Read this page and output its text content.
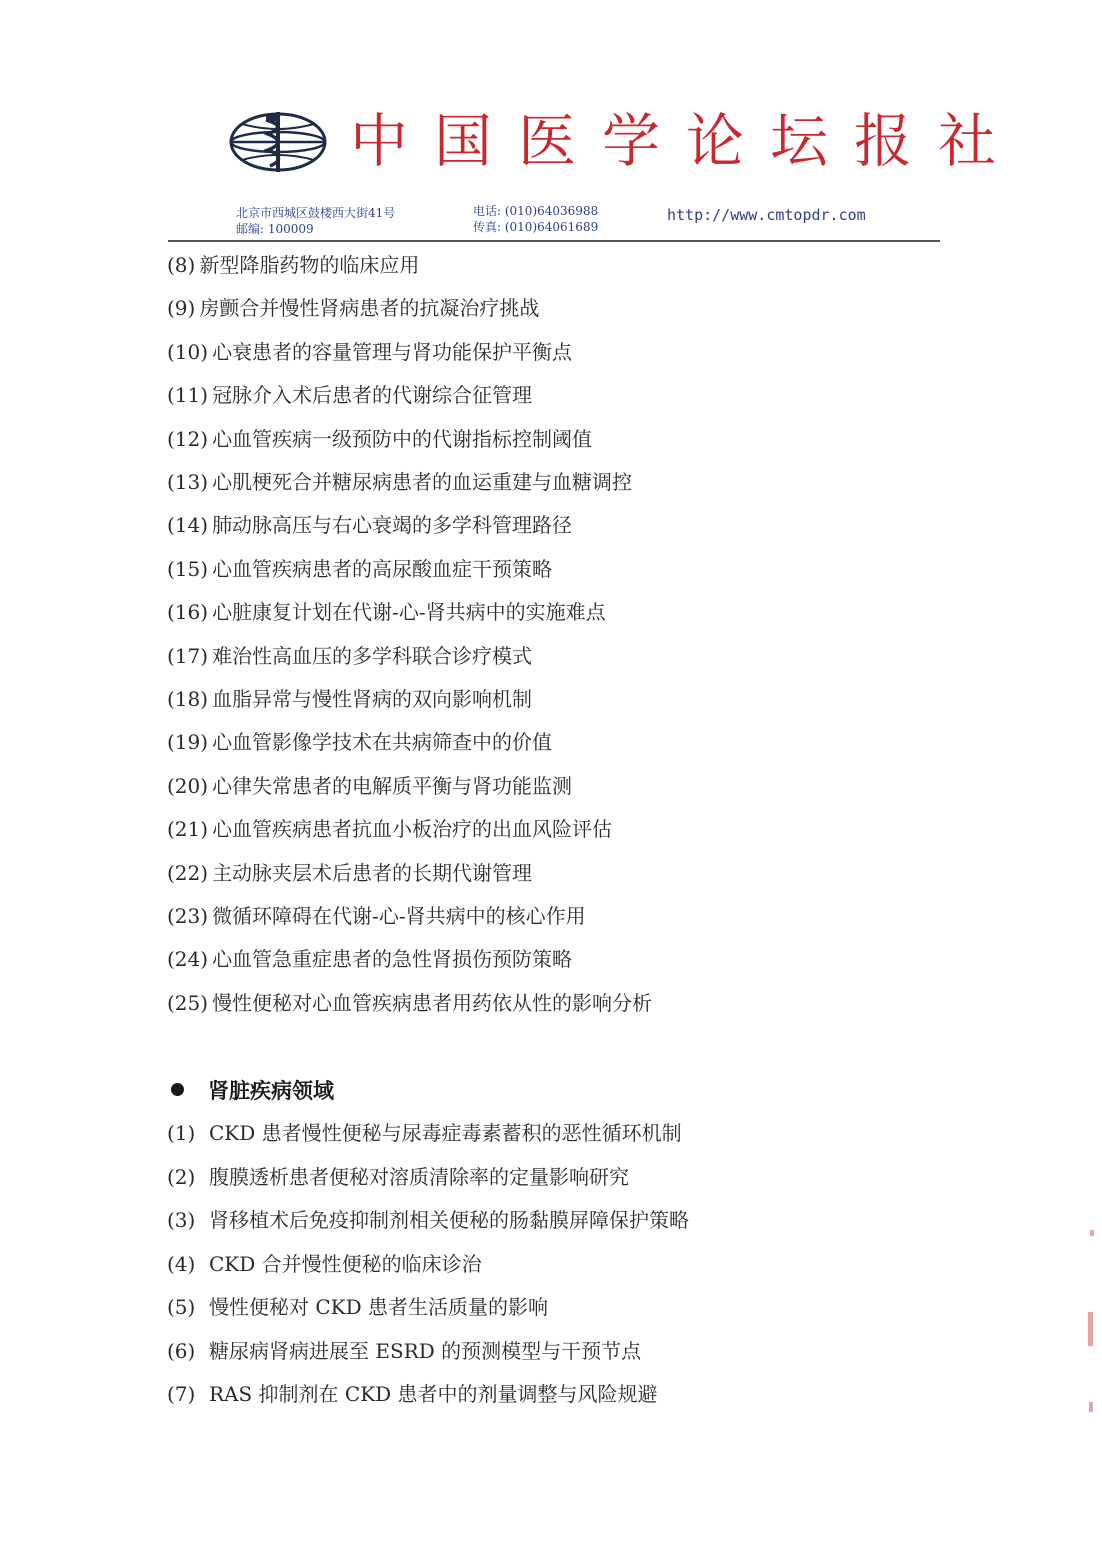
中国医学论坛报社
北京市西城区鼓楼西大街41号
邮编: 100009
电话: (010)64036988
传真: (010)64061689
http://www.cmtopdr.com
(8) 新型降脂药物的临床应用
(9) 房颤合并慢性肾病患者的抗凝治疗挑战
(10) 心衰患者的容量管理与肾功能保护平衡点
(11) 冠脉介入术后患者的代谢综合征管理
(12) 心血管疾病一级预防中的代谢指标控制阈值
(13) 心肌梗死合并糖尿病患者的血运重建与血糖调控
(14) 肺动脉高压与右心衰竭的多学科管理路径
(15) 心血管疾病患者的高尿酸血症干预策略
(16) 心脏康复计划在代谢-心-肾共病中的实施难点
(17) 难治性高血压的多学科联合诊疗模式
(18) 血脂异常与慢性肾病的双向影响机制
(19) 心血管影像学技术在共病筛查中的价值
(20) 心律失常患者的电解质平衡与肾功能监测
(21) 心血管疾病患者抗血小板治疗的出血风险评估
(22) 主动脉夹层术后患者的长期代谢管理
(23) 微循环障碍在代谢-心-肾共病中的核心作用
(24) 心血管急重症患者的急性肾损伤预防策略
(25) 慢性便秘对心血管疾病患者用药依从性的影响分析
肾脏疾病领域
(1) CKD 患者慢性便秘与尿毒症毒素蓄积的恶性循环机制
(2) 腹膜透析患者便秘对溶质清除率的定量影响研究
(3) 肾移植术后免疫抑制剂相关便秘的肠黏膜屏障保护策略
(4) CKD 合并慢性便秘的临床诊治
(5) 慢性便秘对 CKD 患者生活质量的影响
(6) 糖尿病肾病进展至 ESRD 的预测模型与干预节点
(7) RAS 抑制剂在 CKD 患者中的剂量调整与风险规避
